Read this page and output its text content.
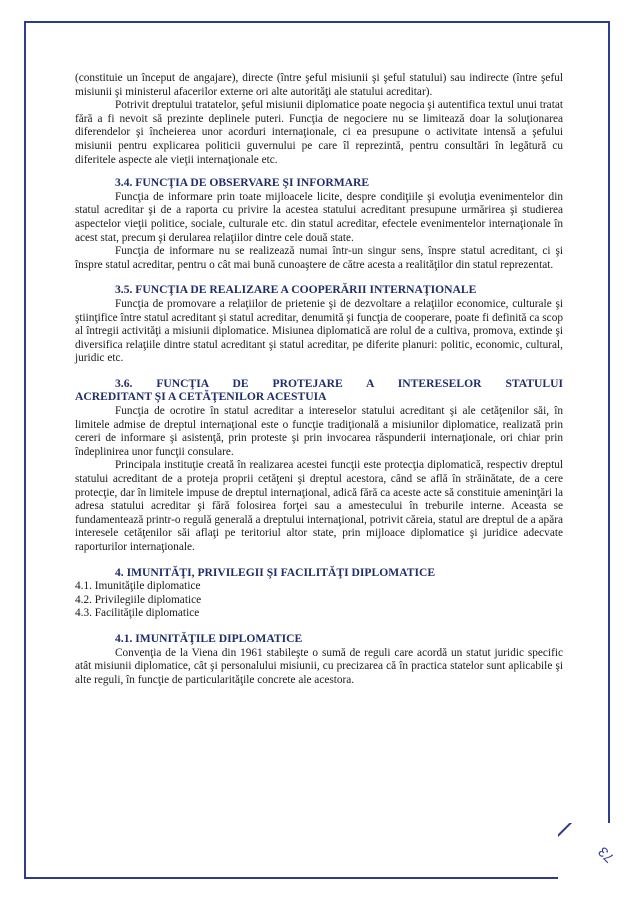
(constituie un început de angajare), directe (între şeful misiunii şi şeful statului) sau indirecte (între şeful misiunii şi ministerul afacerilor externe ori alte autorităţi ale statului acreditar).

Potrivit dreptului tratatelor, şeful misiunii diplomatice poate negocia şi autentifica textul unui tratat fără a fi nevoit să prezinte deplinele puteri. Funcţia de negociere nu se limitează doar la soluţionarea diferendelor şi încheierea unor acorduri internaţionale, ci ea presupune o activitate intensă a şefului misiunii pentru explicarea politicii guvernului pe care îl reprezintă, pentru consultări în legătură cu diferitele aspecte ale vieţii internaţionale etc.

3.4. FUNCŢIA DE OBSERVARE ŞI INFORMARE

Funcţia de informare prin toate mijloacele licite, despre condiţiile şi evoluţia evenimentelor din statul acreditar şi de a raporta cu privire la acestea statului acreditant presupune urmărirea şi studierea aspectelor vieţii politice, sociale, culturale etc. din statul acreditar, efectele evenimentelor internaţionale în acest stat, precum şi derularea relaţiilor dintre cele două state.

Funcţia de informare nu se realizează numai într-un singur sens, înspre statul acreditant, ci şi înspre statul acreditar, pentru o cât mai bună cunoaştere de către acesta a realităţilor din statul reprezentat.

3.5. FUNCŢIA DE REALIZARE A COOPERĂRII INTERNAŢIONALE

Funcţia de promovare a relaţiilor de prietenie şi de dezvoltare a relaţiilor economice, culturale şi ştiinţifice între statul acreditant şi statul acreditar, denumită şi funcţia de cooperare, poate fi definită ca scop al întregii activităţi a misiunii diplomatice. Misiunea diplomatică are rolul de a cultiva, promova, extinde şi diversifica relaţiile dintre statul acreditant şi statul acreditar, pe diferite planuri: politic, economic, cultural, juridic etc.

3.6. FUNCŢIA DE PROTEJARE A INTERESELOR STATULUI
ACREDITANT ŞI A CETĂŢENILOR ACESTUIA

Funcţia de ocrotire în statul acreditar a intereselor statului acreditant şi ale cetăţenilor săi, în limitele admise de dreptul internaţional este o funcţie tradiţională a misiunilor diplomatice, realizată prin cereri de informare şi asistenţă, prin proteste şi prin invocarea răspunderii internaţionale, ori chiar prin îndeplinirea unor funcţii consulare.

Principala instituţie creată în realizarea acestei funcţii este protecţia diplomatică, respectiv dreptul statului acreditant de a proteja proprii cetăţeni şi dreptul acestora, când se află în străinătate, de a cere protecţie, dar în limitele impuse de dreptul internaţional, adică fără ca aceste acte să constituie ameninţări la adresa statului acreditar şi fără folosirea forţei sau a amestecului în treburile interne. Aceasta se fundamentează printr-o regulă generală a dreptului internaţional, potrivit căreia, statul are dreptul de a apăra interesele cetăţenilor săi aflaţi pe teritoriul altor state, prin mijloace diplomatice şi juridice adecvate raporturilor internaţionale.

4. IMUNITĂŢI, PRIVILEGII ŞI FACILITĂŢI DIPLOMATICE
4.1. Imunităţile diplomatice
4.2. Privilegiile diplomatice
4.3. Facilităţile diplomatice
4.1. IMUNITĂŢILE DIPLOMATICE

Convenţia de la Viena din 1961 stabileşte o sumă de reguli care acordă un statut juridic specific atât misiunii diplomatice, cât şi personalului misiunii, cu precizarea că în practica statelor sunt aplicabile şi alte reguli, în funcţie de particularităţile concrete ale acestora.

73
